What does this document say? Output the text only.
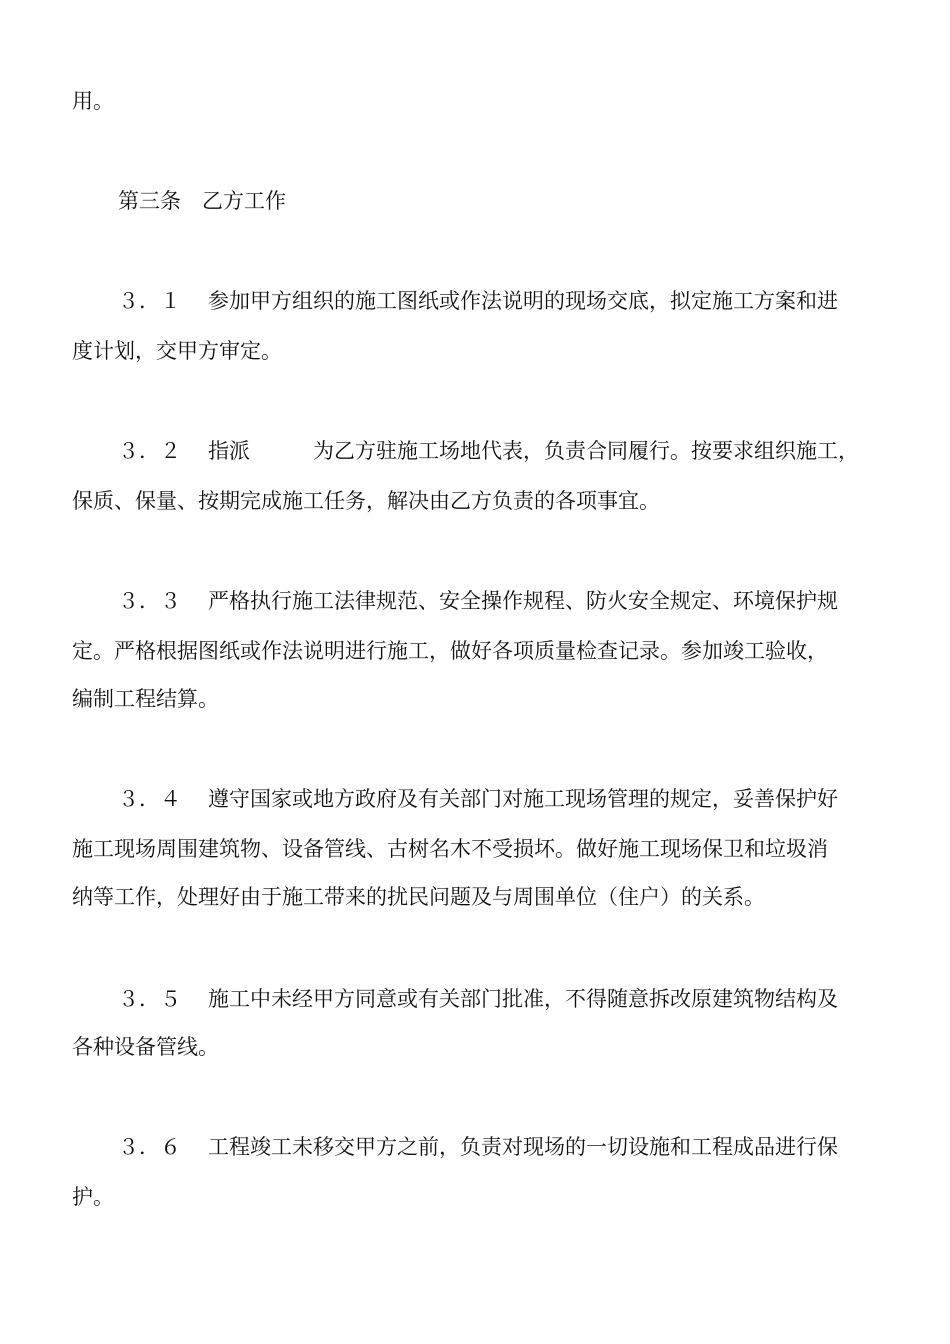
用。
第三条　乙方工作
３．１ 参加甲方组织的施工图纸或作法说明的现场交底，拟定施工方案和进
度计划，交甲方审定。
３．２ 指派　　　为乙方驻施工场地代表，负责合同履行。按要求组织施工，
保质、保量、按期完成施工任务，解决由乙方负责的各项事宜。
３．３ 严格执行施工法律规范、安全操作规程、防火安全规定、环境保护规
定。严格根据图纸或作法说明进行施工，做好各项质量检查记录。参加竣工验收，
编制工程结算。
３．４ 遵守国家或地方政府及有关部门对施工现场管理的规定，妥善保护好
施工现场周围建筑物、设备管线、古树名木不受损坏。做好施工现场保卫和垃圾消
纳等工作，处理好由于施工带来的扰民问题及与周围单位（住户）的关系。
３．５ 施工中未经甲方同意或有关部门批准，不得随意拆改原建筑物结构及
各种设备管线。
３．６ 工程竣工未移交甲方之前，负责对现场的一切设施和工程成品进行保
护。
